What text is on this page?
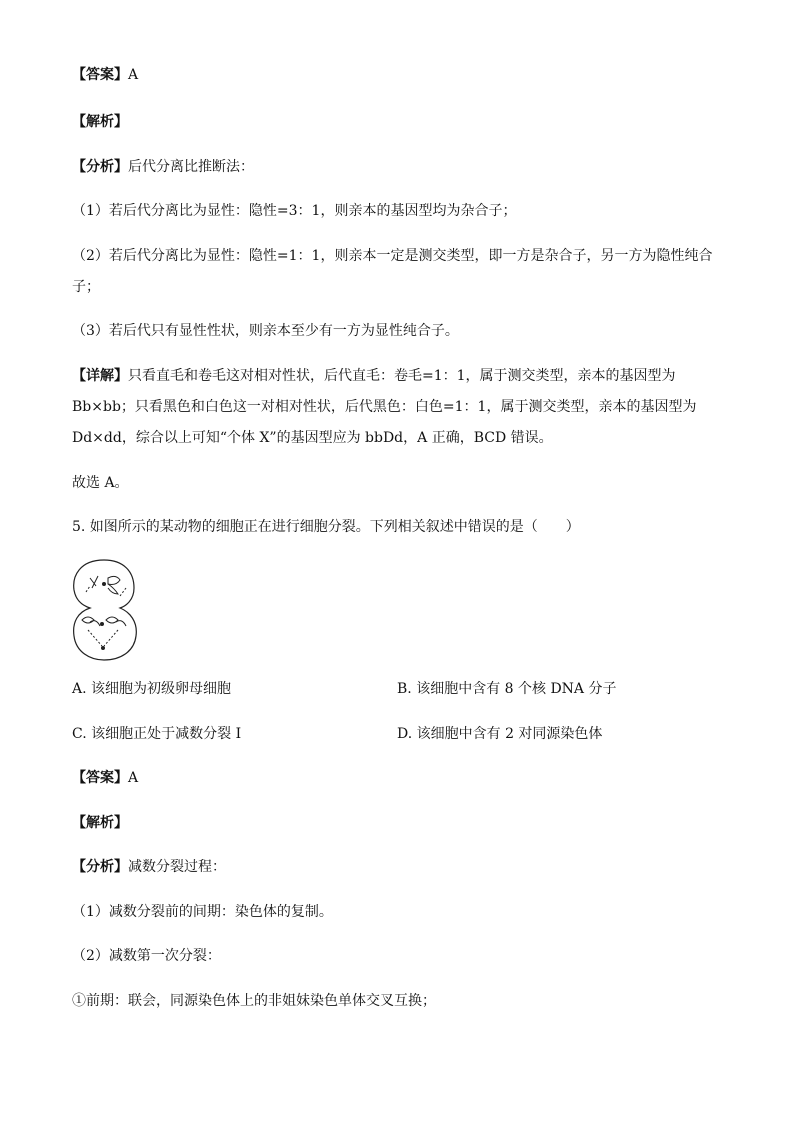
【答案】A
【解析】
【分析】后代分离比推断法：
（1）若后代分离比为显性：隐性=3：1，则亲本的基因型均为杂合子；
（2）若后代分离比为显性：隐性=1：1，则亲本一定是测交类型，即一方是杂合子，另一方为隐性纯合
子；
（3）若后代只有显性性状，则亲本至少有一方为显性纯合子。
【详解】只看直毛和卷毛这对相对性状，后代直毛：卷毛=1：1，属于测交类型，亲本的基因型为
Bb×bb；只看黑色和白色这一对相对性状，后代黑色：白色=1：1，属于测交类型，亲本的基因型为
Dd×dd，综合以上可知“个体 X”的基因型应为 bbDd，A 正确，BCD 错误。
故选 A。
5. 如图所示的某动物的细胞正在进行细胞分裂。下列相关叙述中错误的是（　　）
A. 该细胞为初级卵母细胞	B. 该细胞中含有 8 个核 DNA 分子
C. 该细胞正处于减数分裂 I	D. 该细胞中含有 2 对同源染色体
【答案】A
【解析】
【分析】减数分裂过程：
（1）减数分裂前的间期：染色体的复制。
（2）减数第一次分裂：
①前期：联会，同源染色体上的非姐妹染色单体交叉互换；
